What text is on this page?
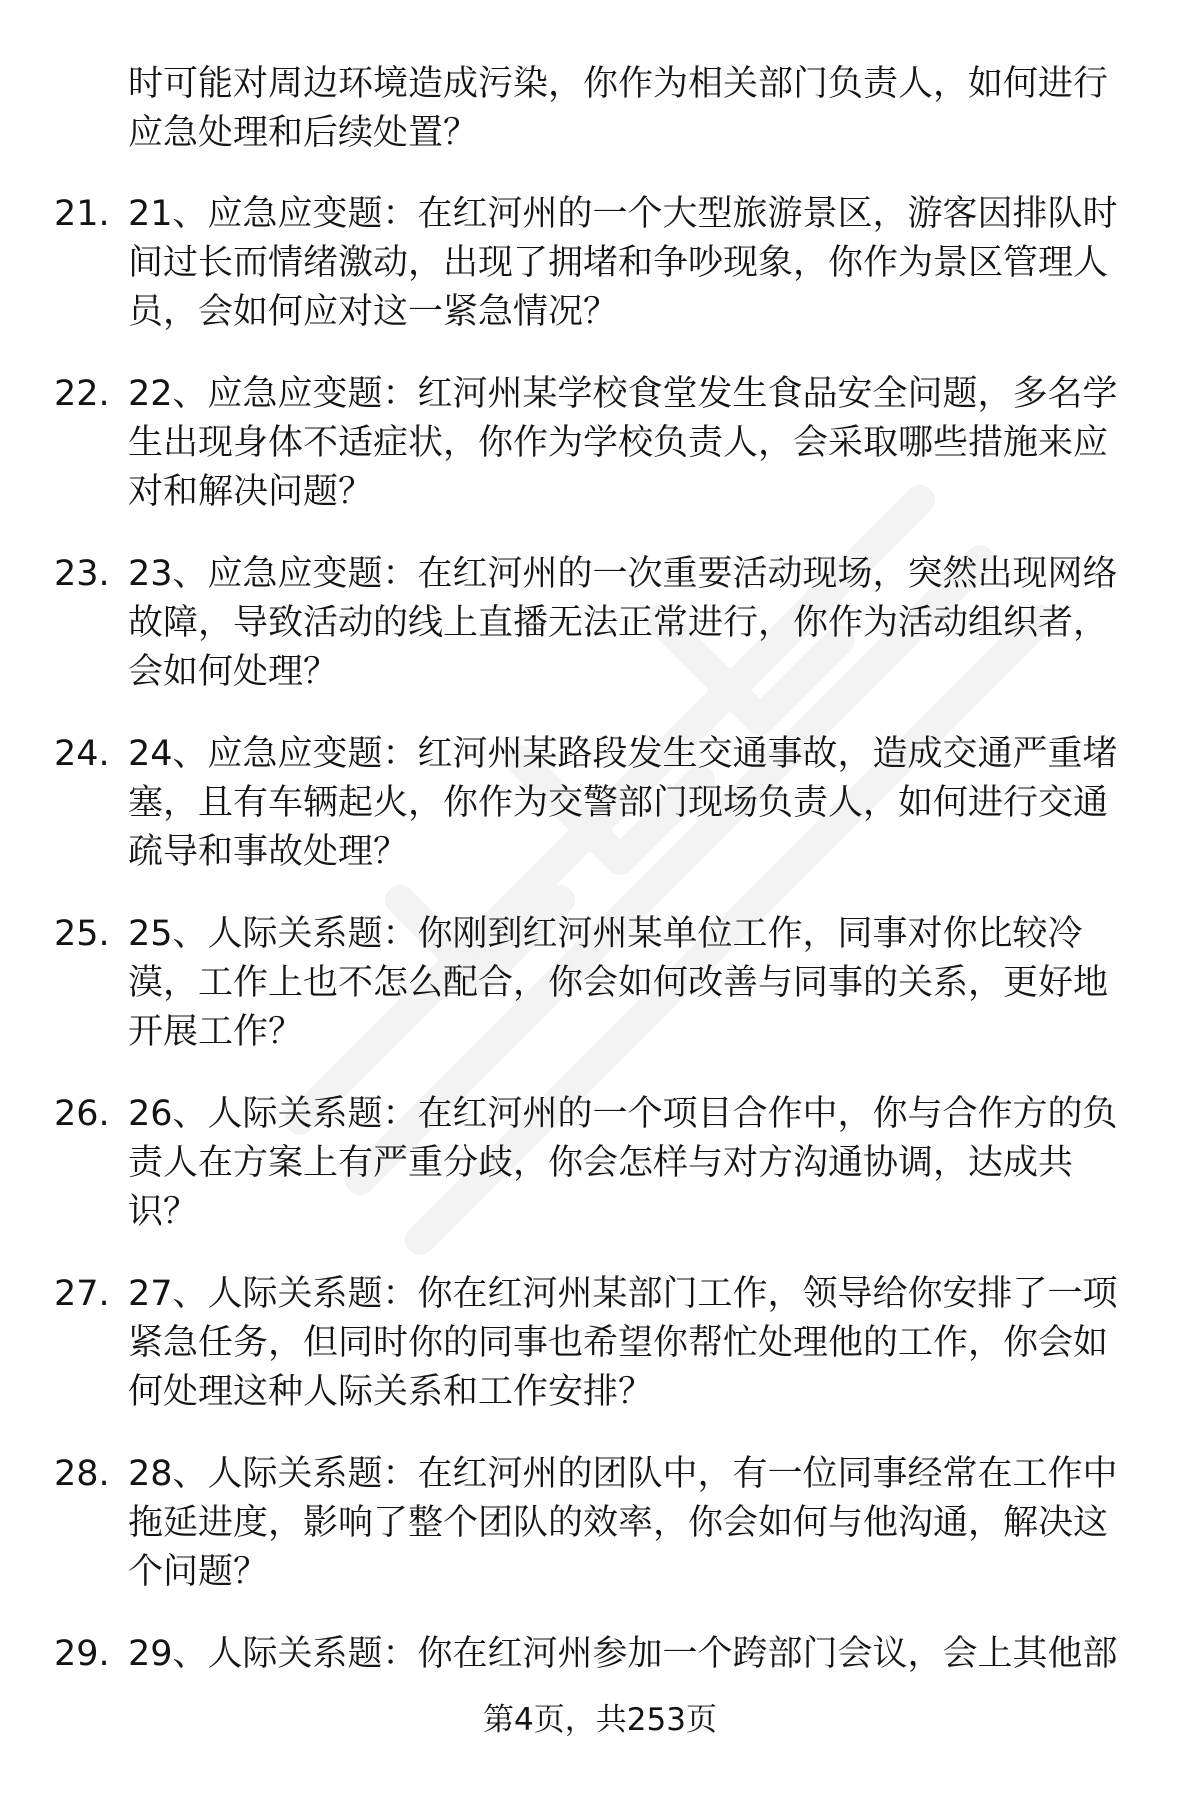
时可能对周边环境造成污染，你作为相关部门负责人，如何进行应急处理和后续处置？

21. 21、应急应变题：在红河州的一个大型旅游景区，游客因排队时间过长而情绪激动，出现了拥堵和争吵现象，你作为景区管理人员，会如何应对这一紧急情况？

22. 22、应急应变题：红河州某学校食堂发生食品安全问题，多名学生出现身体不适症状，你作为学校负责人，会采取哪些措施来应对和解决问题？

23. 23、应急应变题：在红河州的一次重要活动现场，突然出现网络故障，导致活动的线上直播无法正常进行，你作为活动组织者，会如何处理？

24. 24、应急应变题：红河州某路段发生交通事故，造成交通严重堵塞，且有车辆起火，你作为交警部门现场负责人，如何进行交通疏导和事故处理？

25. 25、人际关系题：你刚到红河州某单位工作，同事对你比较冷漠，工作上也不怎么配合，你会如何改善与同事的关系，更好地开展工作？

26. 26、人际关系题：在红河州的一个项目合作中，你与合作方的负责人在方案上有严重分歧，你会怎样与对方沟通协调，达成共识？

27. 27、人际关系题：你在红河州某部门工作，领导给你安排了一项紧急任务，但同时你的同事也希望你帮忙处理他的工作，你会如何处理这种人际关系和工作安排？

28. 28、人际关系题：在红河州的团队中，有一位同事经常在工作中拖延进度，影响了整个团队的效率，你会如何与他沟通，解决这个问题？

29. 29、人际关系题：你在红河州参加一个跨部门会议，会上其他部

第4页，共253页
